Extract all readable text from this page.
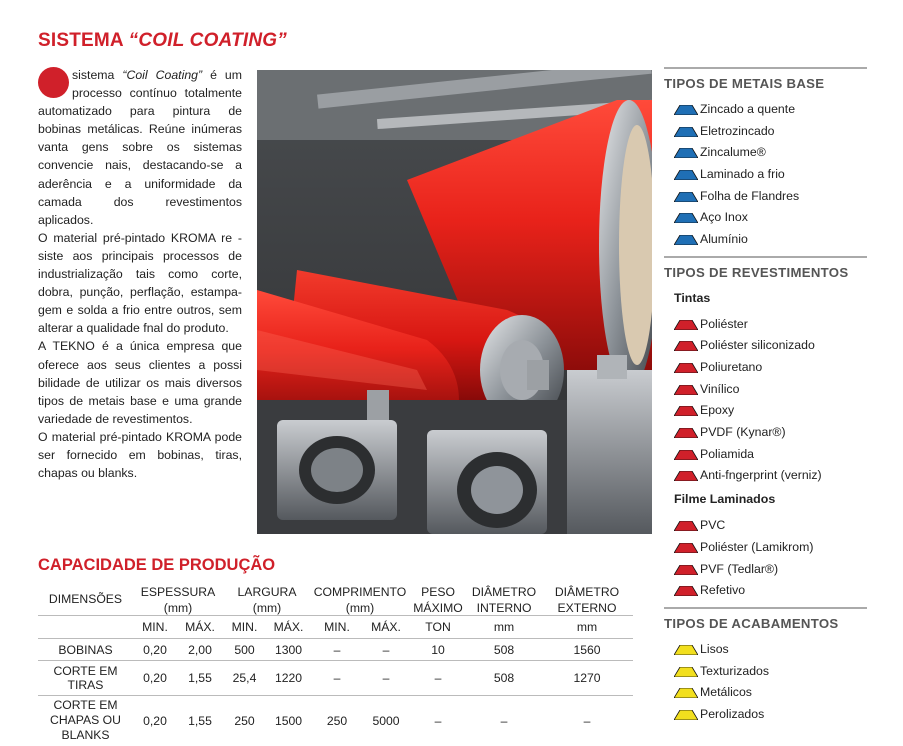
SISTEMA “COIL COATING”

sistema “Coil Coating” é um processo contínuo totalmente automatizado para pintura de bobinas metálicas. Reúne inúmeras vanta gens sobre os sistemas convencie nais, destacando-se a aderência e a uniformidade da camada dos revestimentos aplicados.

O material pré-pintado KROMA re - siste aos principais processos de industrialização tais como corte, dobra, punção, perflação, estampagem e solda a frio entre outros, sem alterar a qualidade fnal do produto.

A TEKNO é a única empresa que oferece aos seus clientes a possi bilidade de utilizar os mais diversos tipos de metais base e uma grande variedade de revestimentos.

O material pré-pintado KROMA pode ser fornecido em bobinas, tiras, chapas ou blanks.

CAPACIDADE DE PRODUÇÃO
DIMENSÕES	ESPESSURA		LARGURA		COMPRIMENTO		PESO	DIÂMETRO	DIÂMETRO
	(mm)		(mm)		(mm)		MÁXIMO	INTERNO	EXTERNO
	MIN.	MÁX.	MIN.	MÁX.	MIN.	MÁX.	TON	mm	mm
BOBINAS	0,20	2,00	500	1300	–	–	10	508	1560
CORTE EM
TIRAS	0,20	1,55	25,4	1220	–	–	–	508	1270
CORTE EM
CHAPAS OU
BLANKS	0,20	1,55	250	1500	250	5000	–	–	–
TIPOS DE METAIS BASE
Zincado a quente
Eletrozincado
Zincalume®
Laminado a frio
Folha de Flandres
Aço Inox
Alumínio
TIPOS DE REVESTIMENTOS
Tintas
Poliéster
Poliéster siliconizado
Poliuretano
Vinílico
Epoxy
PVDF (Kynar®)
Poliamida
Anti-fngerprint (verniz)
Filme Laminados
PVC
Poliéster (Lamikrom)
PVF (Tedlar®)
Refetivo
TIPOS DE ACABAMENTOS
Lisos
Texturizados
Metálicos
Perolizados
